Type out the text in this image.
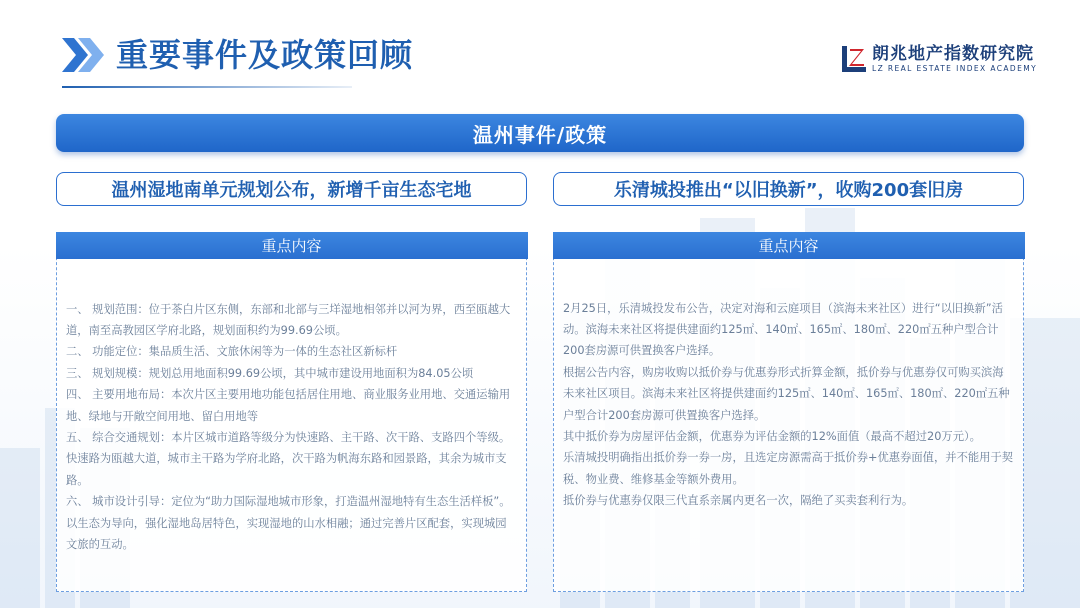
重要事件及政策回顾	朗兆地产指数研究院
LZ REAL ESTATE INDEX ACADEMY
温州事件/政策
温州湿地南单元规划公布，新增千亩生态宅地	乐清城投推出“以旧换新”，收购200套旧房
重点内容

一、 规划范围：位于茶白片区东侧，东部和北部与三垟湿地相邻并以河为界，西至瓯越大道，南至高教园区学府北路，规划面积约为99.69公顷。

二、 功能定位：集品质生活、文旅休闲等为一体的生态社区新标杆

三、 规划规模：规划总用地面积99.69公顷，其中城市建设用地面积为84.05公顷

四、 主要用地布局：本次片区主要用地功能包括居住用地、商业服务业用地、交通运输用地、绿地与开敞空间用地、留白用地等

五、 综合交通规划：本片区城市道路等级分为快速路、主干路、次干路、支路四个等级。快速路为瓯越大道，城市主干路为学府北路，次干路为帆海东路和园景路，其余为城市支路。

六、 城市设计引导：定位为“助力国际湿地城市形象，打造温州湿地特有生态生活样板”。以生态为导向，强化湿地岛居特色，实现湿地的山水相融；通过完善片区配套，实现城园文旅的互动。

重点内容

2月25日，乐清城投发布公告，决定对海和云庭项目（滨海未来社区）进行“以旧换新”活动。滨海未来社区将提供建面约125㎡、140㎡、165㎡、180㎡、220㎡五种户型合计200套房源可供置换客户选择。

根据公告内容，购房收购以抵价券与优惠券形式折算金额，抵价券与优惠券仅可购买滨海未来社区项目。滨海未来社区将提供建面约125㎡、140㎡、165㎡、180㎡、220㎡五种户型合计200套房源可供置换客户选择。

其中抵价券为房屋评估金额，优惠券为评估金额的12%面值（最高不超过20万元）。

乐清城投明确指出抵价券一券一房，且选定房源需高于抵价券+优惠券面值，并不能用于契税、物业费、维修基金等额外费用。

抵价券与优惠券仅限三代直系亲属内更名一次，隔绝了买卖套利行为。
